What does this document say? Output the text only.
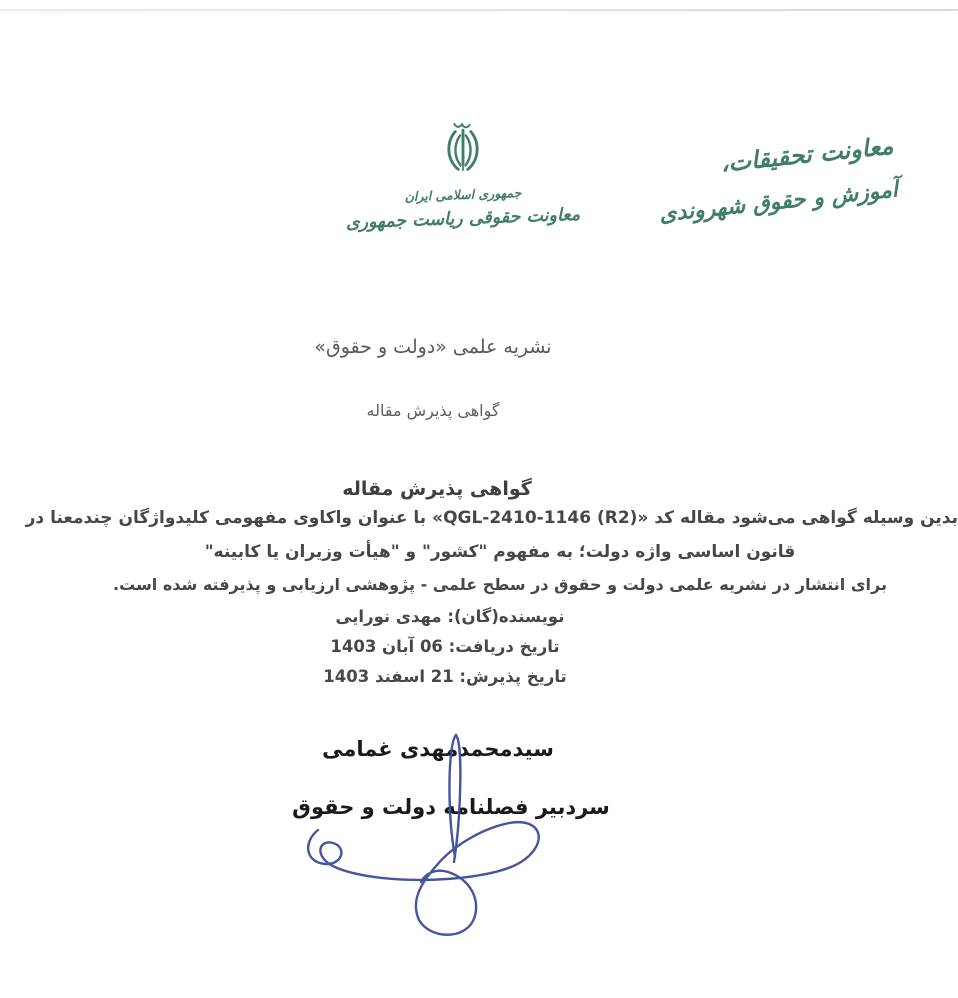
معاونت تحقیقات،
آموزش و حقوق شهروندی
جمهوری اسلامی ایران
معاونت حقوقی ریاست جمهوری
نشریه علمی «دولت و حقوق»
گواهی پذیرش مقاله
گواهی پذیرش مقاله
بدین وسیله گواهی می‌شود مقاله کد «QGL-2410-1146 (R2)» با عنوان واکاوی مفهومی کلیدواژگان چندمعنا در
قانون اساسی واژه دولت؛ به مفهوم "کشور" و "هیأت وزیران یا کابینه"
برای انتشار در نشریه علمی دولت و حقوق در سطح علمی - پژوهشی ارزیابی و پذیرفته شده است.
نویسنده(گان): مهدی نورایی
تاریخ دریافت: 06 آبان 1403
تاریخ پذیرش: 21 اسفند 1403
سیدمحمدمهدی غمامی
سردبیر فصلنامه دولت و حقوق
